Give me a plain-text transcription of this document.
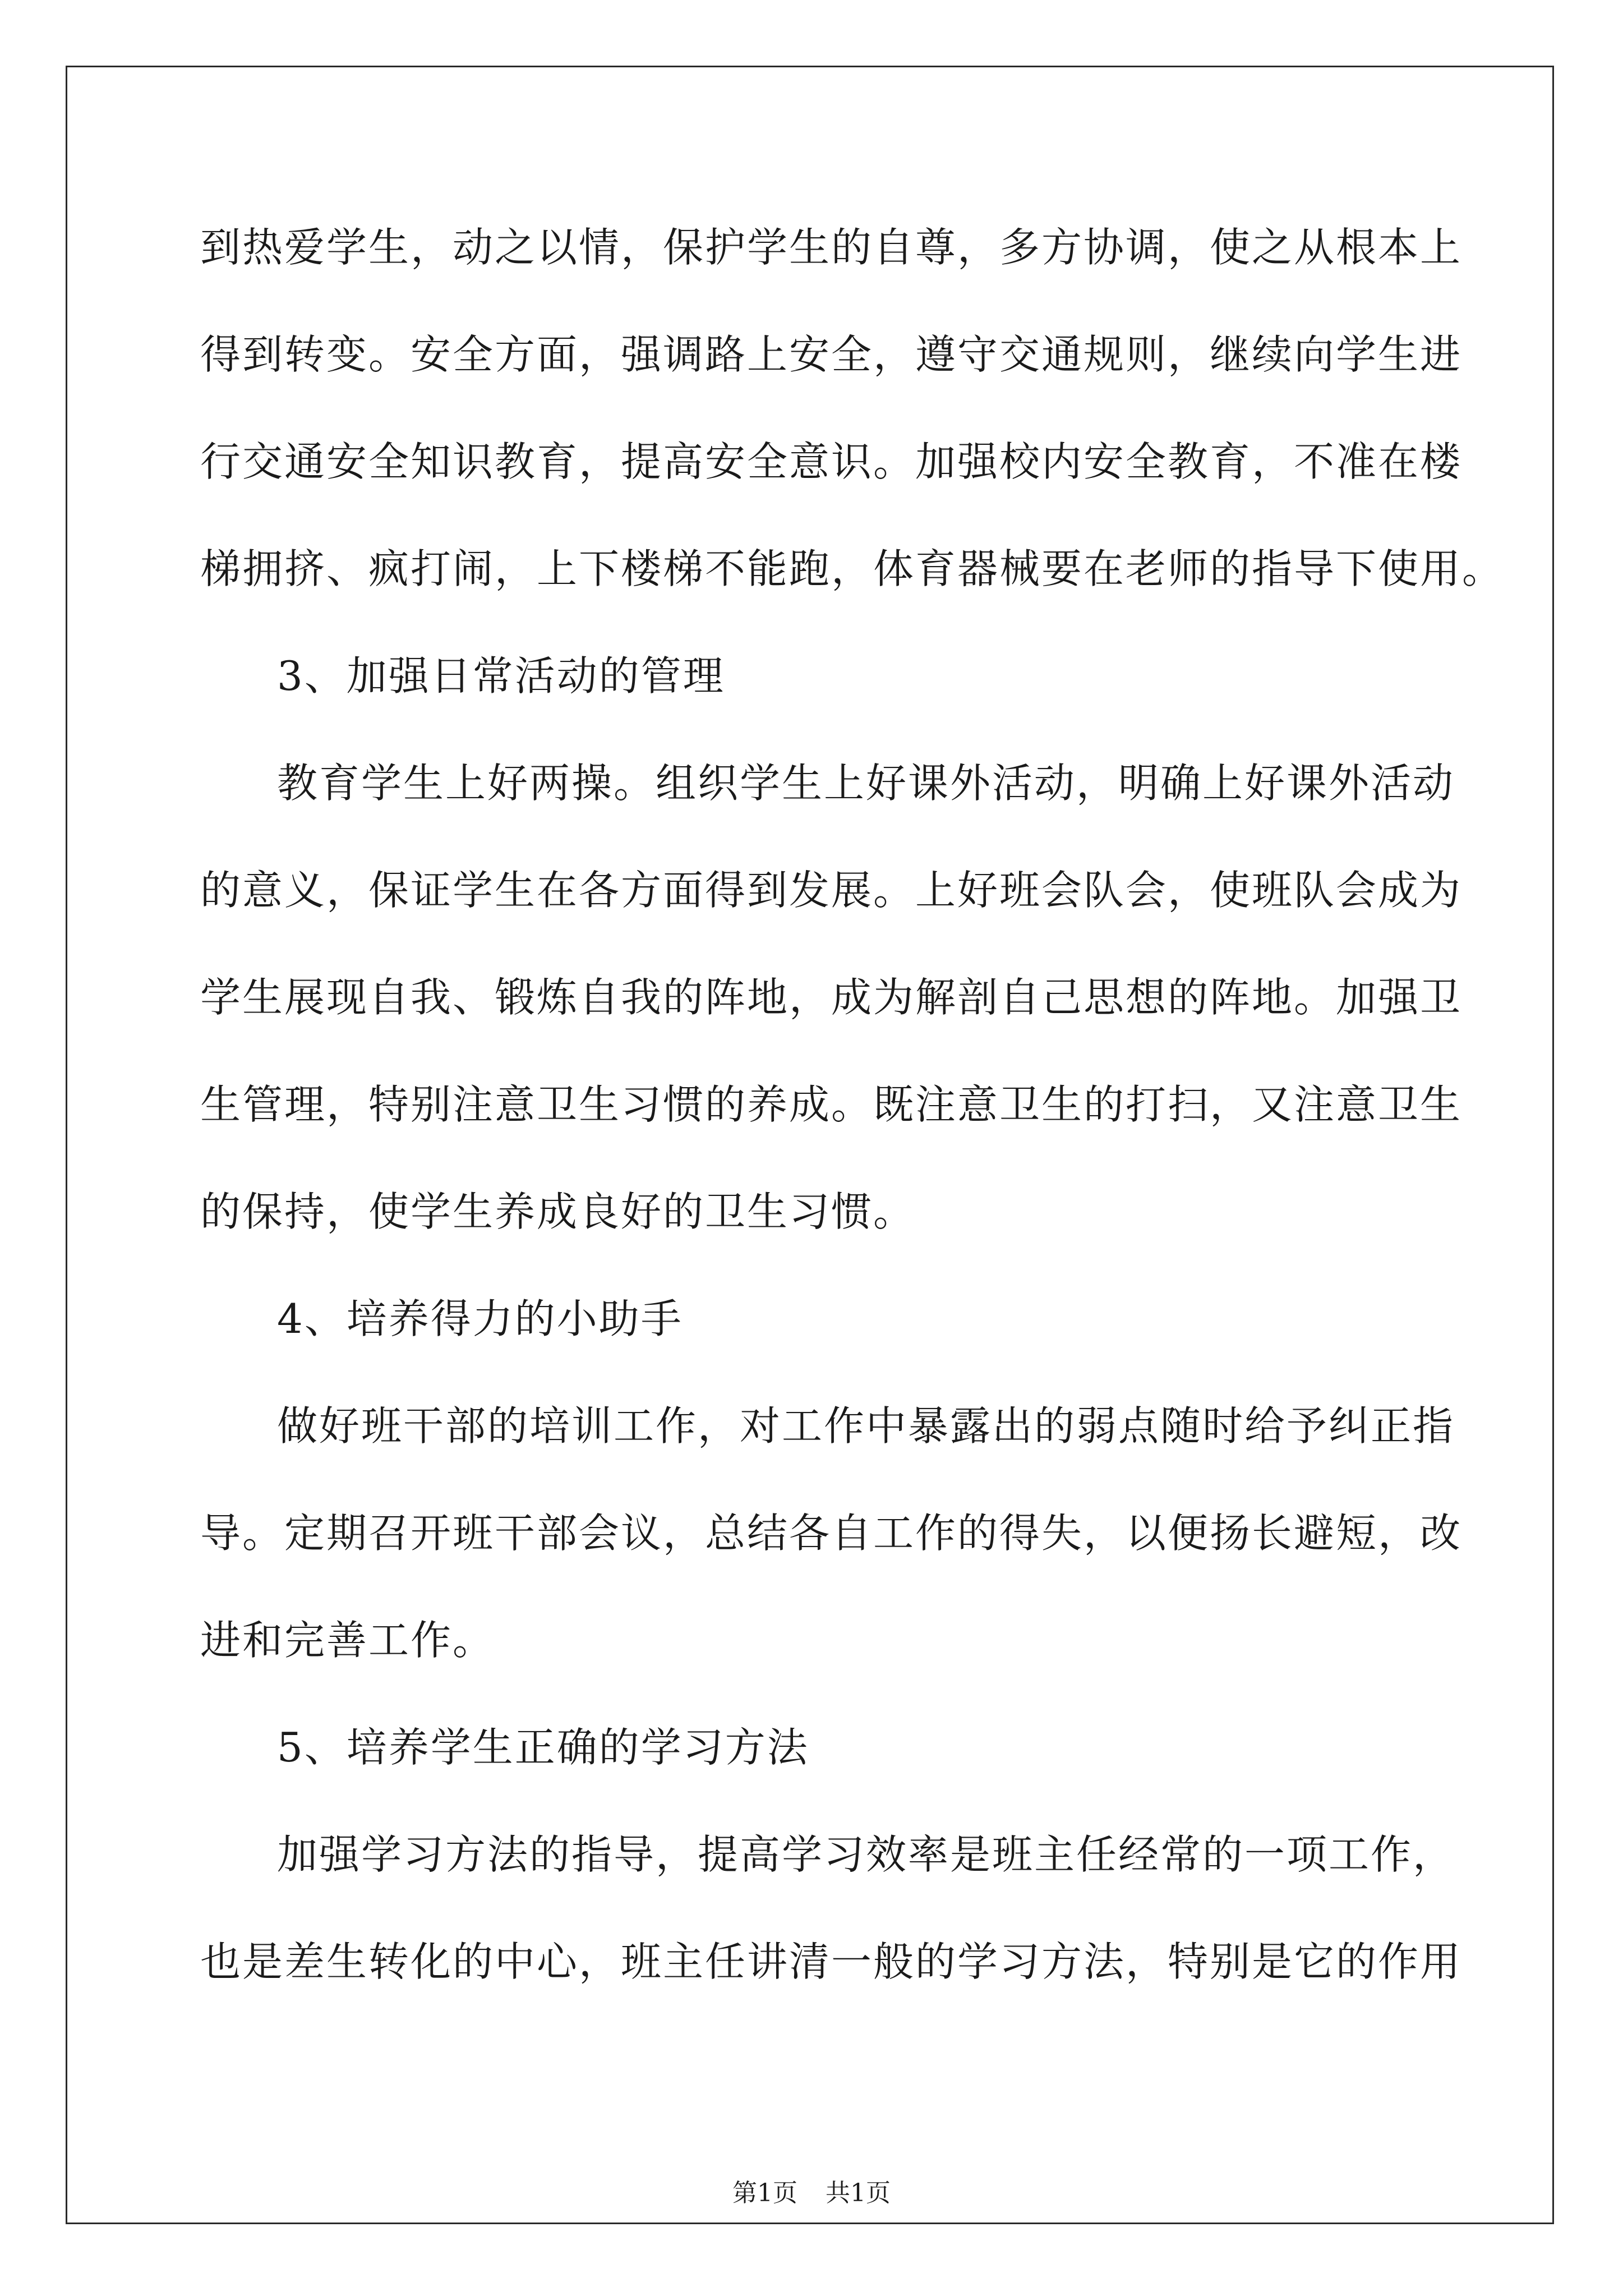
到热爱学生，动之以情，保护学生的自尊，多方协调，使之从根本上
得到转变。安全方面，强调路上安全，遵守交通规则，继续向学生进
行交通安全知识教育，提高安全意识。加强校内安全教育，不准在楼
梯拥挤、疯打闹，上下楼梯不能跑，体育器械要在老师的指导下使用。
3、加强日常活动的管理
教育学生上好两操。组织学生上好课外活动，明确上好课外活动
的意义，保证学生在各方面得到发展。上好班会队会，使班队会成为
学生展现自我、锻炼自我的阵地，成为解剖自己思想的阵地。加强卫
生管理，特别注意卫生习惯的养成。既注意卫生的打扫，又注意卫生
的保持，使学生养成良好的卫生习惯。
4、培养得力的小助手
做好班干部的培训工作，对工作中暴露出的弱点随时给予纠正指
导。定期召开班干部会议，总结各自工作的得失，以便扬长避短，改
进和完善工作。
5、培养学生正确的学习方法
加强学习方法的指导，提高学习效率是班主任经常的一项工作，
也是差生转化的中心，班主任讲清一般的学习方法，特别是它的作用
第1页 共1页
